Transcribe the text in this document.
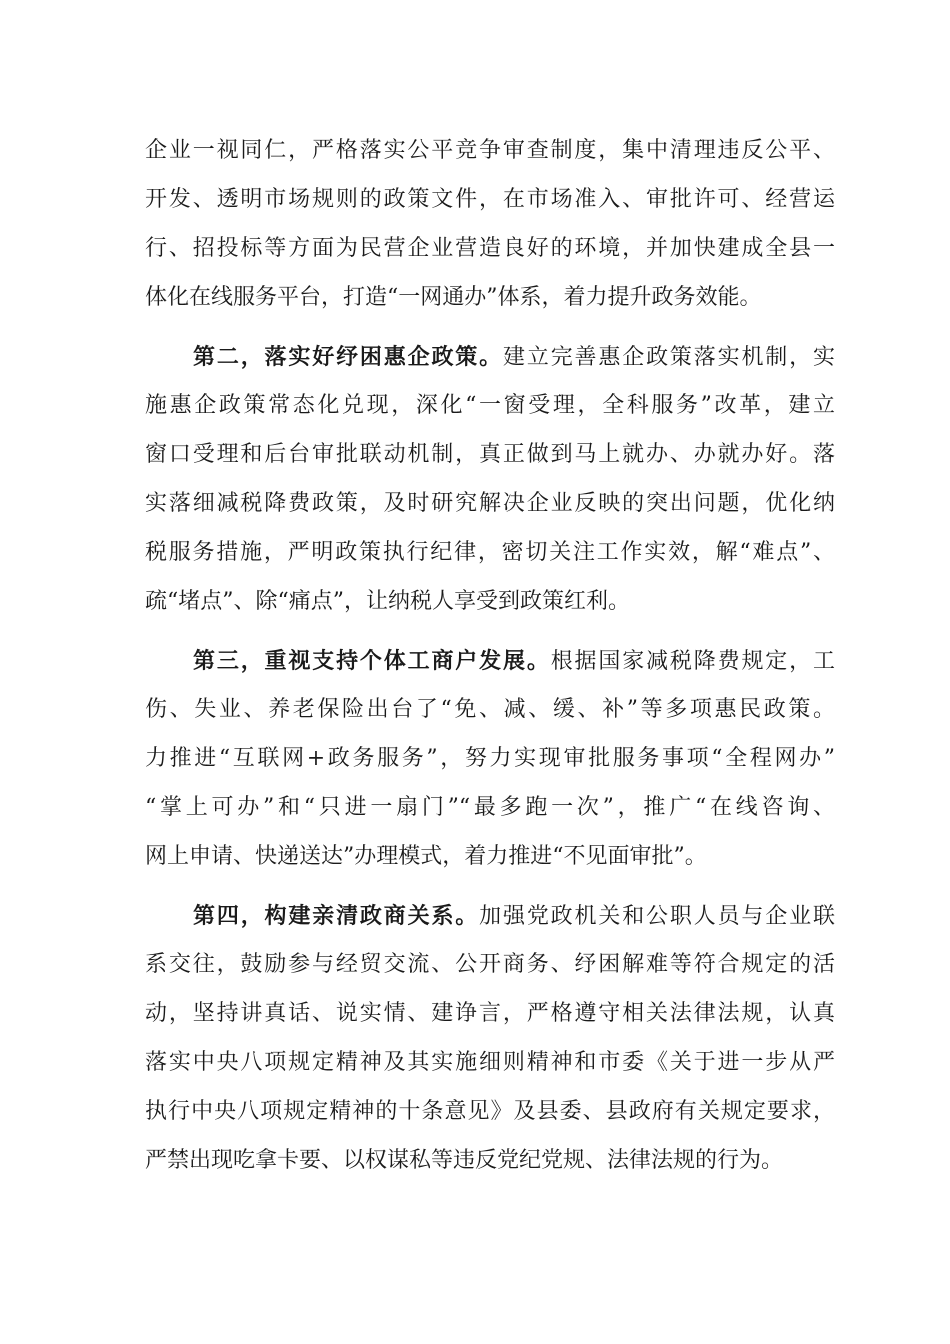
企业一视同仁，严格落实公平竞争审查制度，集中清理违反公平、
开发、透明市场规则的政策文件，在市场准入、审批许可、经营运
行、招投标等方面为民营企业营造良好的环境，并加快建成全县一
体化在线服务平台，打造“一网通办”体系，着力提升政务效能。
第二，落实好纾困惠企政策。建立完善惠企政策落实机制，实
施惠企政策常态化兑现，深化“一窗受理，全科服务”改革，建立
窗口受理和后台审批联动机制，真正做到马上就办、办就办好。落
实落细减税降费政策，及时研究解决企业反映的突出问题，优化纳
税服务措施，严明政策执行纪律，密切关注工作实效，解“难点”、
疏“堵点”、除“痛点”，让纳税人享受到政策红利。
第三，重视支持个体工商户发展。根据国家减税降费规定，工
伤、失业、养老保险出台了“免、减、缓、补”等多项惠民政策。
力推进“互联网+政务服务”，努力实现审批服务事项“全程网办”
“掌上可办”和“只进一扇门”“最多跑一次”，推广“在线咨询、
网上申请、快递送达”办理模式，着力推进“不见面审批”。
第四，构建亲清政商关系。加强党政机关和公职人员与企业联
系交往，鼓励参与经贸交流、公开商务、纾困解难等符合规定的活
动，坚持讲真话、说实情、建诤言，严格遵守相关法律法规，认真
落实中央八项规定精神及其实施细则精神和市委《关于进一步从严
执行中央八项规定精神的十条意见》及县委、县政府有关规定要求，
严禁出现吃拿卡要、以权谋私等违反党纪党规、法律法规的行为。
